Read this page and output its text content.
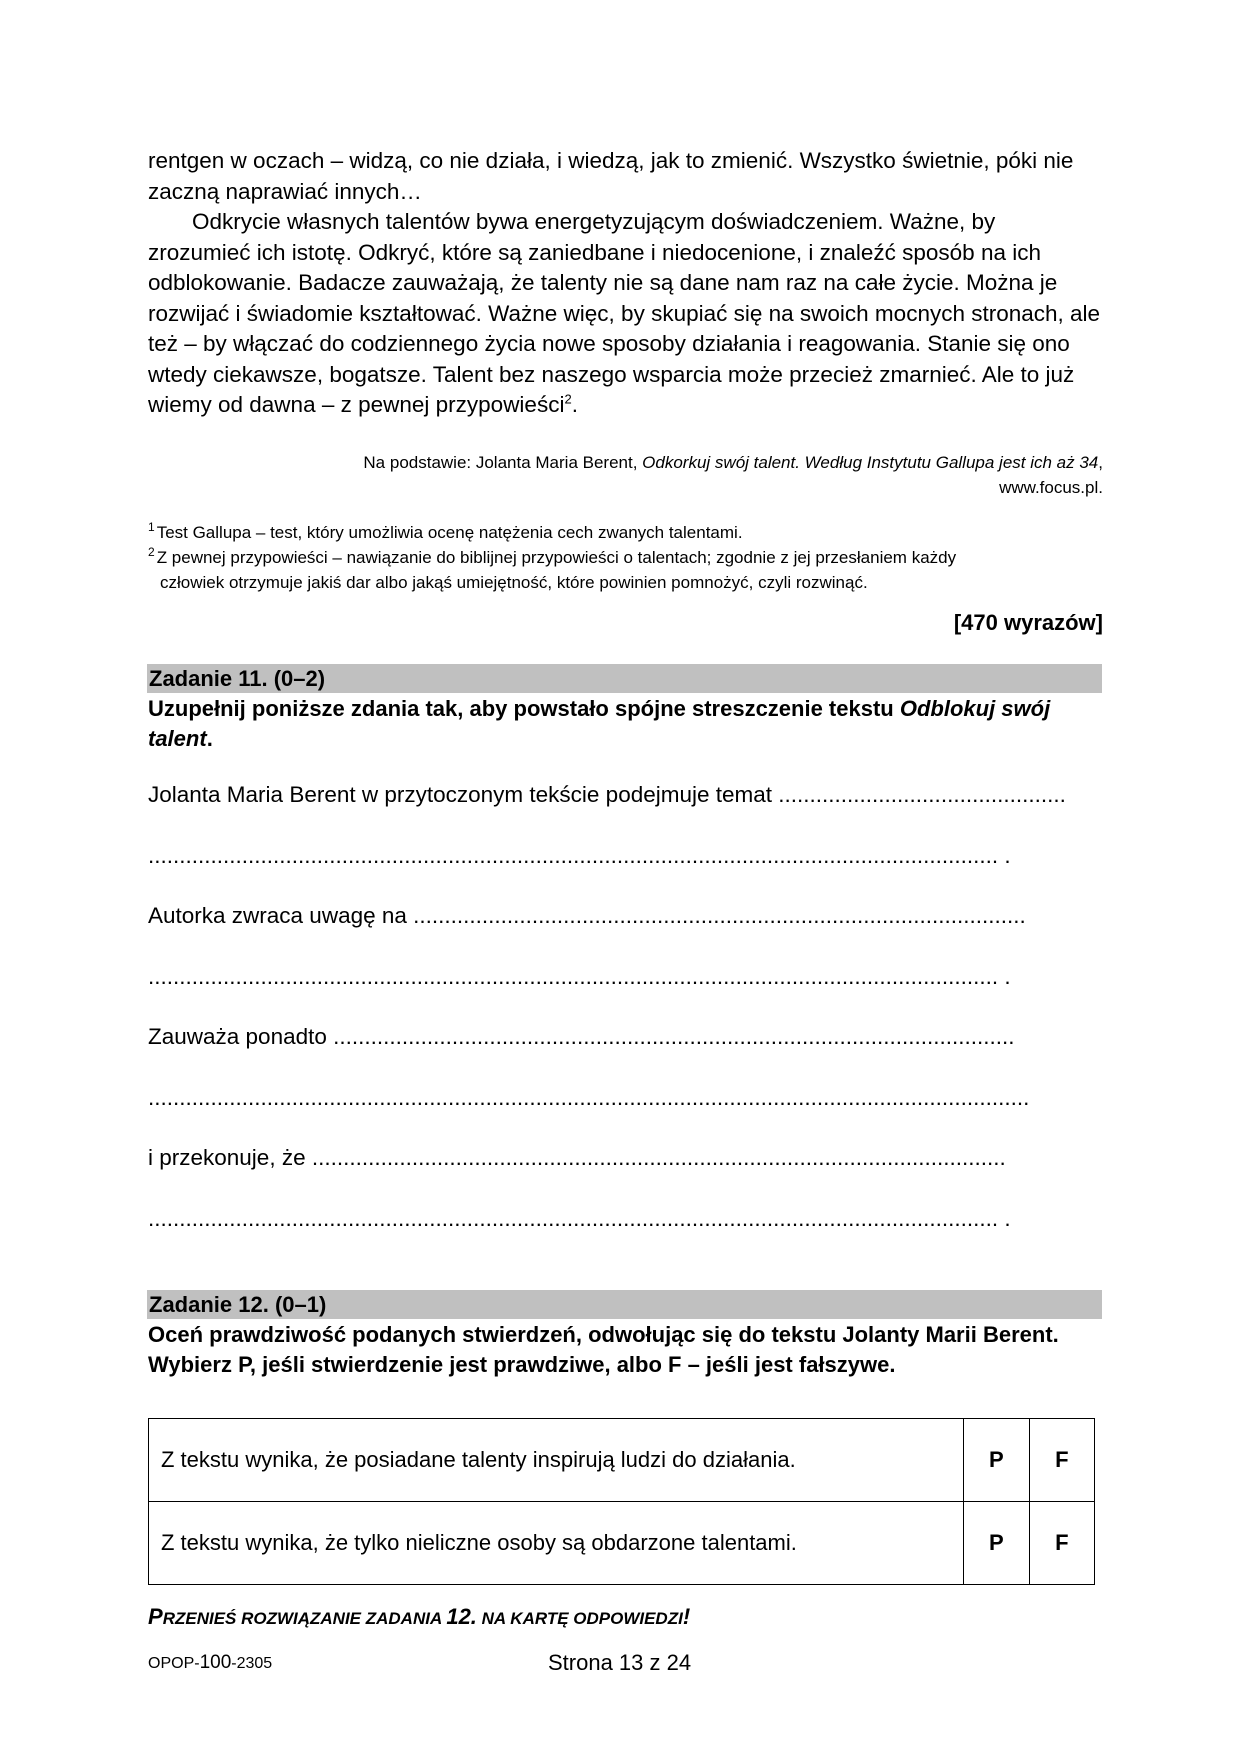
rentgen w oczach – widzą, co nie działa, i wiedzą, jak to zmienić. Wszystko świetnie, póki nie
zaczną naprawiać innych…
Odkrycie własnych talentów bywa energetyzującym doświadczeniem. Ważne, by zrozumieć ich istotę. Odkryć, które są zaniedbane i niedocenione, i znaleźć sposób na ich odblokowanie. Badacze zauważają, że talenty nie są dane nam raz na całe życie. Można je rozwijać i świadomie kształtować. Ważne więc, by skupiać się na swoich mocnych stronach, ale też – by włączać do codziennego życia nowe sposoby działania i reagowania. Stanie się ono wtedy ciekawsze, bogatsze. Talent bez naszego wsparcia może przecież zmarnieć. Ale to już wiemy od dawna – z pewnej przypowieści$^2$.
Na podstawie: Jolanta Maria Berent, Odkorkuj swój talent. Według Instytutu Gallupa jest ich aż 34,
www.focus.pl.
$^1$ Test Gallupa – test, który umożliwia ocenę natężenia cech zwanych talentami.
$^2$ Z pewnej przypowieści – nawiązanie do biblijnej przypowieści o talentach; zgodnie z jej przesłaniem każdy
człowiek otrzymuje jakiś dar albo jakąś umiejętność, które powinien pomnożyć, czyli rozwinąć.
[470 wyrazów]
Zadanie 11. (0–2)
Uzupełnij poniższe zdania tak, aby powstało spójne streszczenie tekstu Odblokuj swój talent.
Jolanta Maria Berent w przytoczonym tekście podejmuje temat ..............................................
........................................................................................................................................ .
Autorka zwraca uwagę na ..................................................................................................
........................................................................................................................................ .
Zauważa ponadto .............................................................................................................
.............................................................................................................................................
i przekonuje, że ...............................................................................................................
........................................................................................................................................ .
Zadanie 12. (0–1)
Oceń prawdziwość podanych stwierdzeń, odwołując się do tekstu Jolanty Marii Berent. Wybierz P, jeśli stwierdzenie jest prawdziwe, albo F – jeśli jest fałszywe.
Z tekstu wynika, że posiadane talenty inspirują ludzi do działania.	P	F
Z tekstu wynika, że tylko nieliczne osoby są obdarzone talentami.	P	F
PRZENIEŚ ROZWIĄZANIE ZADANIA 12. NA KARTĘ ODPOWIEDZI!
OPOP-100-2305	Strona 13 z 24
